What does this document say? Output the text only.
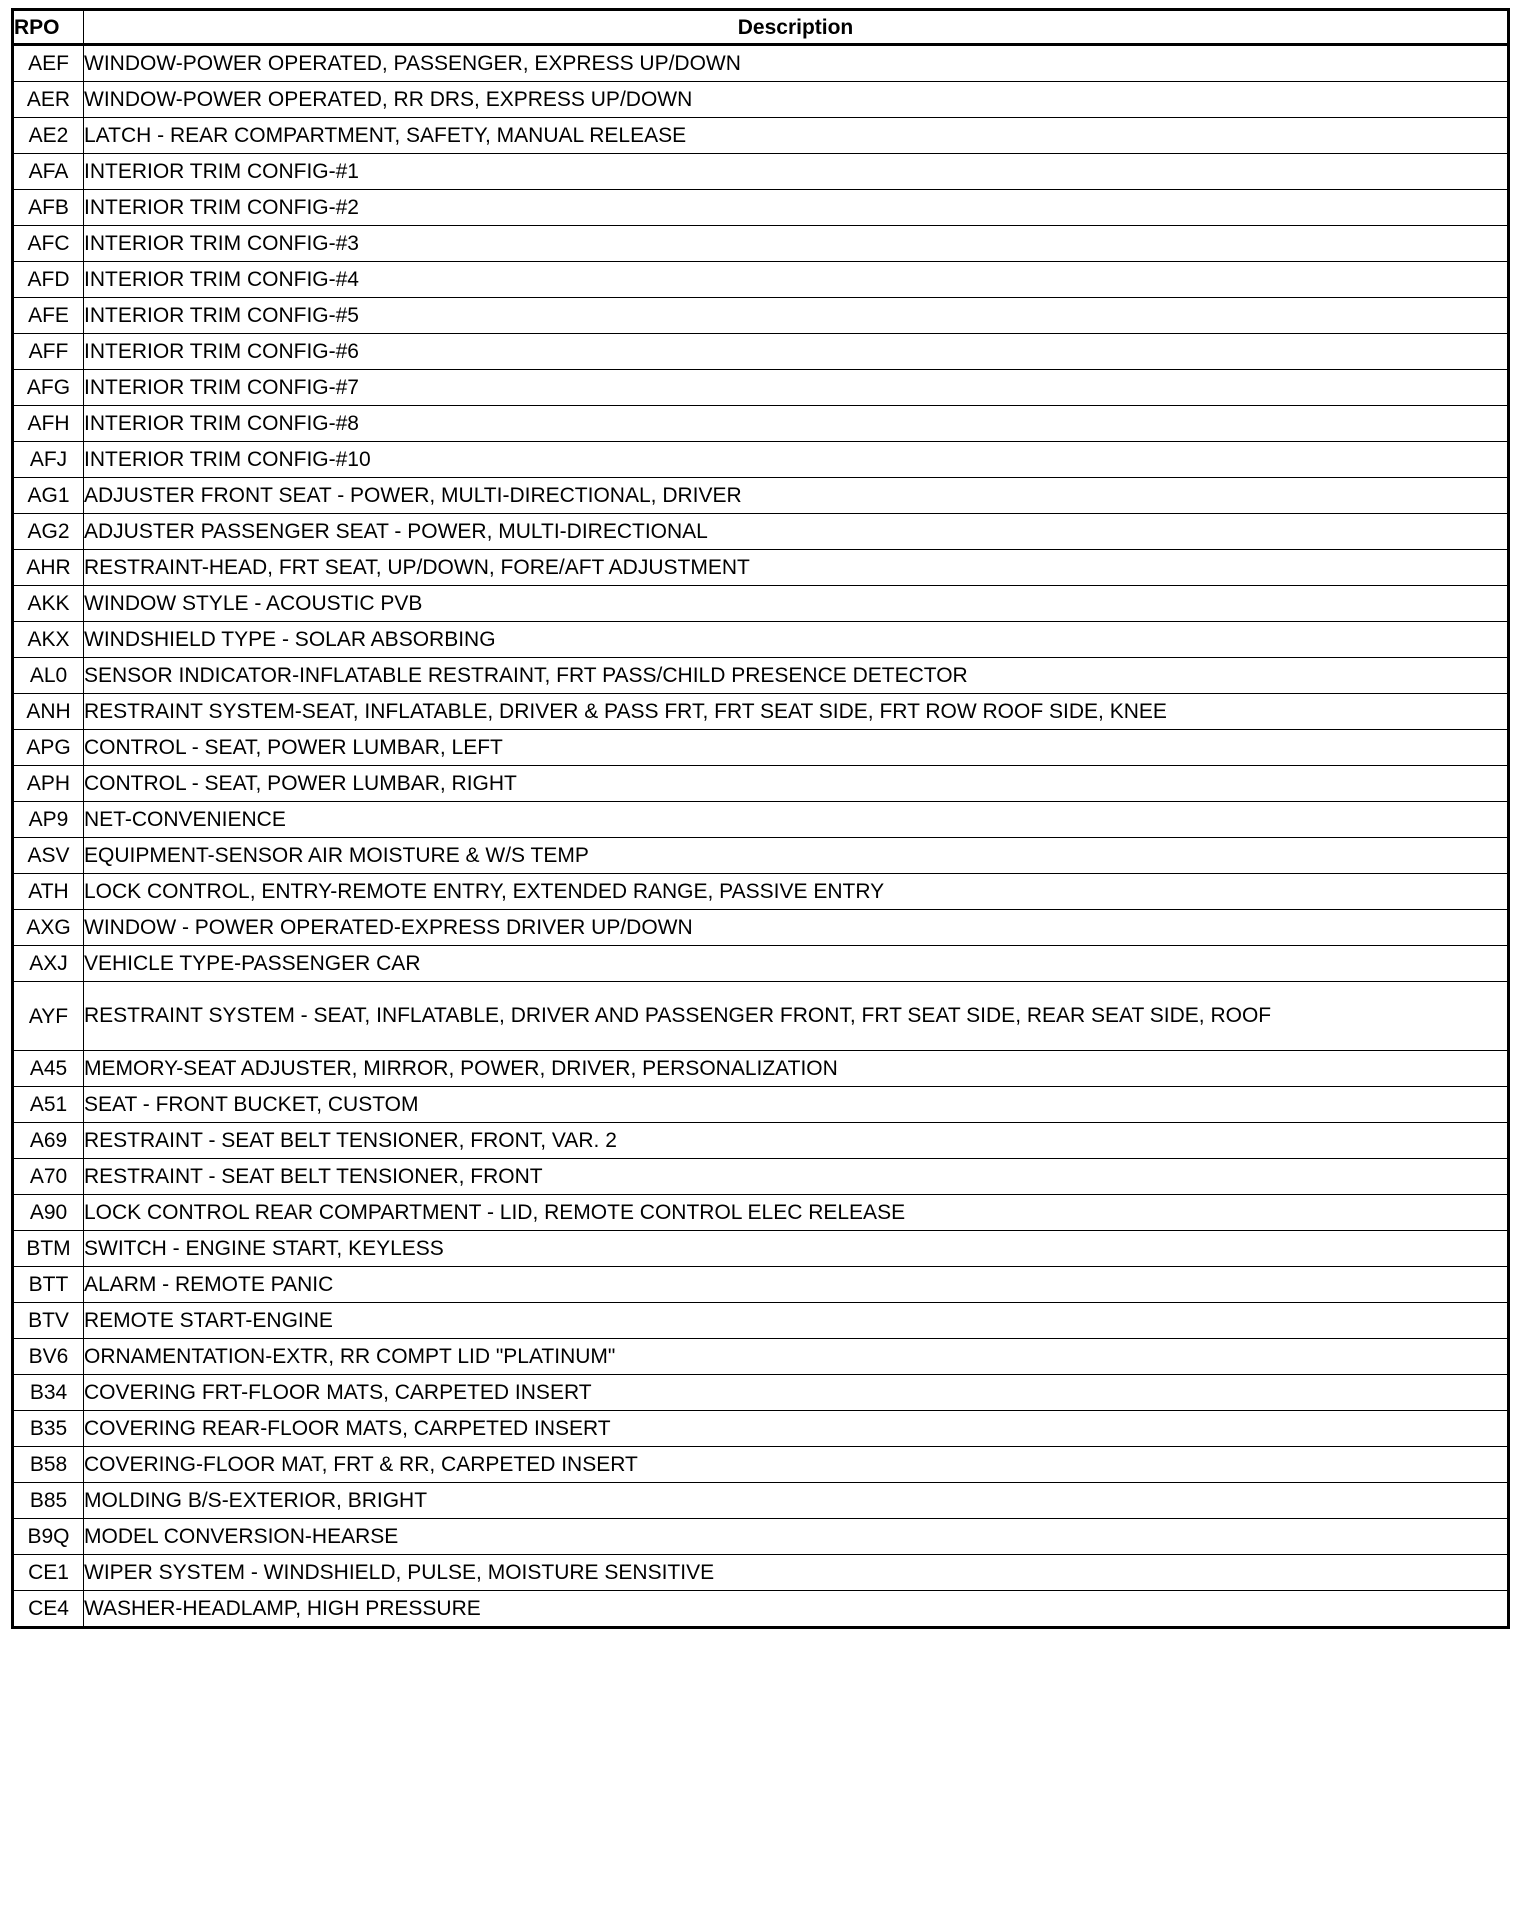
RPO	Description
AEF	WINDOW-POWER OPERATED, PASSENGER, EXPRESS UP/DOWN

AER	WINDOW-POWER OPERATED, RR DRS, EXPRESS UP/DOWN

AE2	LATCH - REAR COMPARTMENT, SAFETY, MANUAL RELEASE

AFA	INTERIOR TRIM CONFIG-#1

AFB	INTERIOR TRIM CONFIG-#2

AFC	INTERIOR TRIM CONFIG-#3

AFD	INTERIOR TRIM CONFIG-#4

AFE	INTERIOR TRIM CONFIG-#5

AFF	INTERIOR TRIM CONFIG-#6

AFG	INTERIOR TRIM CONFIG-#7

AFH	INTERIOR TRIM CONFIG-#8

AFJ	INTERIOR TRIM CONFIG-#10

AG1	ADJUSTER FRONT SEAT - POWER, MULTI-DIRECTIONAL, DRIVER

AG2	ADJUSTER PASSENGER SEAT - POWER, MULTI-DIRECTIONAL

AHR	RESTRAINT-HEAD, FRT SEAT, UP/DOWN, FORE/AFT ADJUSTMENT

AKK	WINDOW STYLE - ACOUSTIC PVB

AKX	WINDSHIELD TYPE - SOLAR ABSORBING

AL0	SENSOR INDICATOR-INFLATABLE RESTRAINT, FRT PASS/CHILD PRESENCE DETECTOR

ANH	RESTRAINT SYSTEM-SEAT, INFLATABLE, DRIVER & PASS FRT, FRT SEAT SIDE, FRT ROW ROOF SIDE, KNEE

APG	CONTROL - SEAT, POWER LUMBAR, LEFT

APH	CONTROL - SEAT, POWER LUMBAR, RIGHT

AP9	NET-CONVENIENCE

ASV	EQUIPMENT-SENSOR AIR MOISTURE & W/S TEMP

ATH	LOCK CONTROL, ENTRY-REMOTE ENTRY, EXTENDED RANGE, PASSIVE ENTRY

AXG	WINDOW - POWER OPERATED-EXPRESS DRIVER UP/DOWN

AXJ	VEHICLE TYPE-PASSENGER CAR

AYF	RESTRAINT SYSTEM - SEAT, INFLATABLE, DRIVER AND PASSENGER FRONT, FRT SEAT SIDE, REAR SEAT SIDE, ROOF

A45	MEMORY-SEAT ADJUSTER, MIRROR, POWER, DRIVER, PERSONALIZATION

A51	SEAT - FRONT BUCKET, CUSTOM

A69	RESTRAINT - SEAT BELT TENSIONER, FRONT, VAR. 2

A70	RESTRAINT - SEAT BELT TENSIONER, FRONT

A90	LOCK CONTROL REAR COMPARTMENT - LID, REMOTE CONTROL ELEC RELEASE

BTM	SWITCH - ENGINE START, KEYLESS

BTT	ALARM - REMOTE PANIC

BTV	REMOTE START-ENGINE

BV6	ORNAMENTATION-EXTR, RR COMPT LID "PLATINUM"

B34	COVERING FRT-FLOOR MATS, CARPETED INSERT

B35	COVERING REAR-FLOOR MATS, CARPETED INSERT

B58	COVERING-FLOOR MAT, FRT & RR, CARPETED INSERT

B85	MOLDING B/S-EXTERIOR, BRIGHT

B9Q	MODEL CONVERSION-HEARSE

CE1	WIPER SYSTEM - WINDSHIELD, PULSE, MOISTURE SENSITIVE

CE4	WASHER-HEADLAMP, HIGH PRESSURE
